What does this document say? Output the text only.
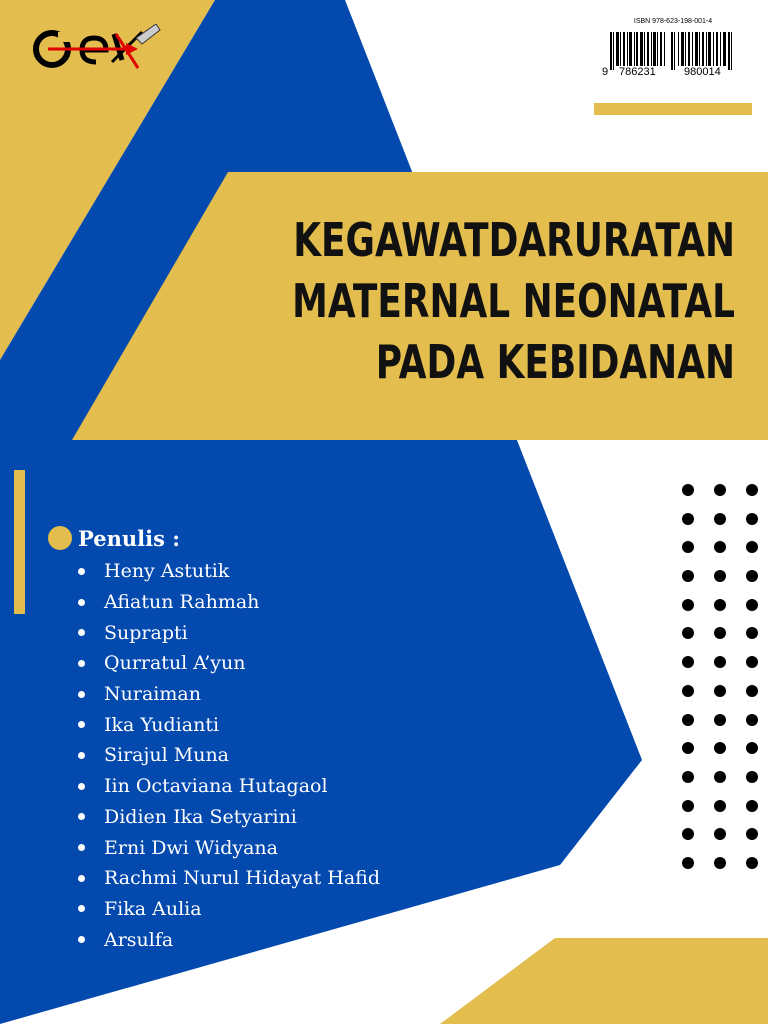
ISBN 978-623-198-001-4
9 786231	980014
KEGAWATDARURATAN
MATERNAL NEONATAL
PADA KEBIDANAN
Penulis :
Heny Astutik
Afiatun Rahmah
Suprapti
Qurratul A’yun
Nuraiman
Ika Yudianti
Sirajul Muna
Iin Octaviana Hutagaol
Didien Ika Setyarini
Erni Dwi Widyana
Rachmi Nurul Hidayat Hafid
Fika Aulia
Arsulfa
